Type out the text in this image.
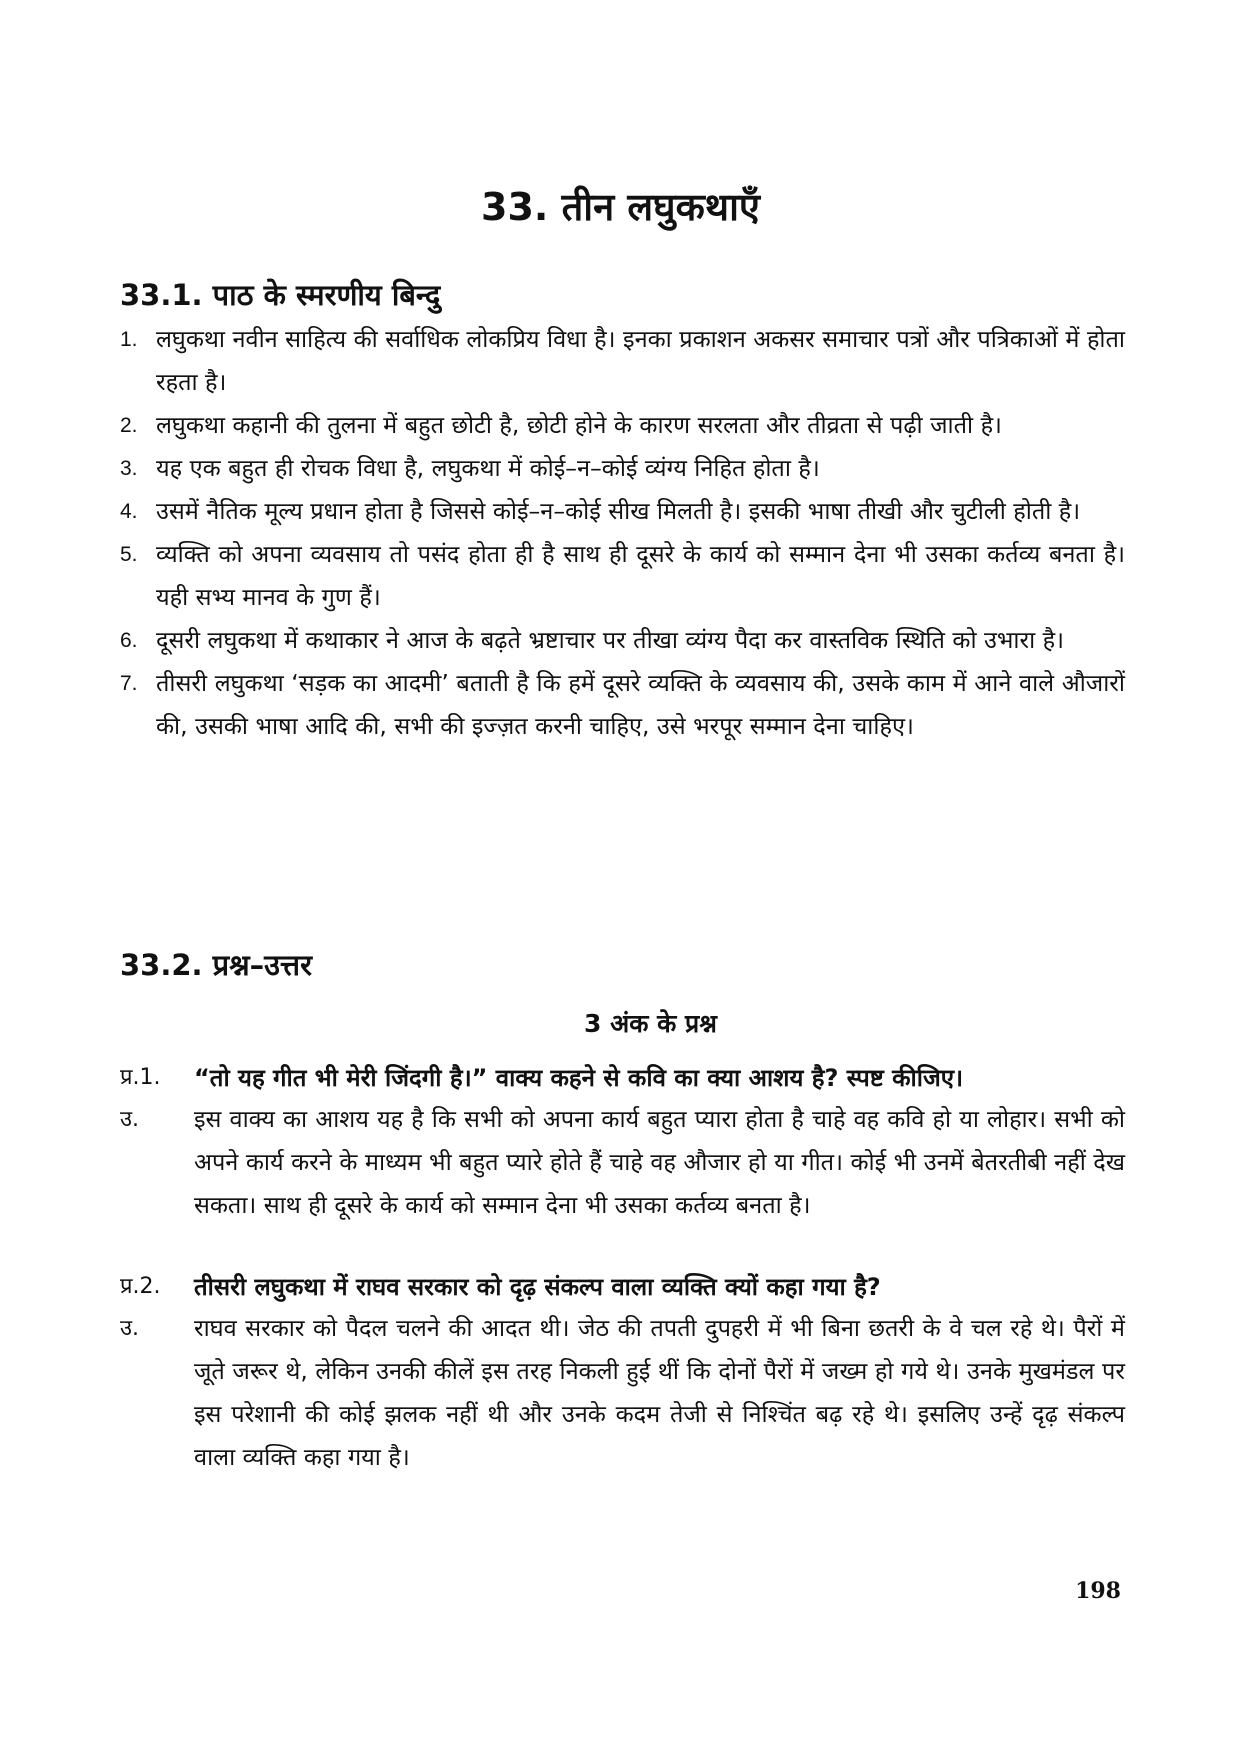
33. तीन लघुकथाएँ
33.1. पाठ के स्मरणीय बिन्दु
1. लघुकथा नवीन साहित्य की सर्वाधिक लोकप्रिय विधा है। इनका प्रकाशन अकसर समाचार पत्रों और पत्रिकाओं में होता रहता है।
2. लघुकथा कहानी की तुलना में बहुत छोटी है, छोटी होने के कारण सरलता और तीव्रता से पढ़ी जाती है।
3. यह एक बहुत ही रोचक विधा है, लघुकथा में कोई–न–कोई व्यंग्य निहित होता है।
4. उसमें नैतिक मूल्य प्रधान होता है जिससे कोई–न–कोई सीख मिलती है। इसकी भाषा तीखी और चुटीली होती है।
5. व्यक्ति को अपना व्यवसाय तो पसंद होता ही है साथ ही दूसरे के कार्य को सम्मान देना भी उसका कर्तव्य बनता है। यही सभ्य मानव के गुण हैं।
6. दूसरी लघुकथा में कथाकार ने आज के बढ़ते भ्रष्टाचार पर तीखा व्यंग्य पैदा कर वास्तविक स्थिति को उभारा है।
7. तीसरी लघुकथा ‘सड़क का आदमी’ बताती है कि हमें दूसरे व्यक्ति के व्यवसाय की, उसके काम में आने वाले औजारों की, उसकी भाषा आदि की, सभी की इज्ज़त करनी चाहिए, उसे भरपूर सम्मान देना चाहिए।
33.2. प्रश्न–उत्तर
3 अंक के प्रश्न
प्र.1. “तो यह गीत भी मेरी जिंदगी है।” वाक्य कहने से कवि का क्या आशय है? स्पष्ट कीजिए।
उ. इस वाक्य का आशय यह है कि सभी को अपना कार्य बहुत प्यारा होता है चाहे वह कवि हो या लोहार। सभी को अपने कार्य करने के माध्यम भी बहुत प्यारे होते हैं चाहे वह औजार हो या गीत। कोई भी उनमें बेतरतीबी नहीं देख सकता। साथ ही दूसरे के कार्य को सम्मान देना भी उसका कर्तव्य बनता है।
प्र.2. तीसरी लघुकथा में राघव सरकार को दृढ़ संकल्प वाला व्यक्ति क्यों कहा गया है?
उ. राघव सरकार को पैदल चलने की आदत थी। जेठ की तपती दुपहरी में भी बिना छतरी के वे चल रहे थे। पैरों में जूते जरूर थे, लेकिन उनकी कीलें इस तरह निकली हुई थीं कि दोनों पैरों में जख्म हो गये थे। उनके मुखमंडल पर इस परेशानी की कोई झलक नहीं थी और उनके कदम तेजी से निश्चिंत बढ़ रहे थे। इसलिए उन्हें दृढ़ संकल्प वाला व्यक्ति कहा गया है।
198
